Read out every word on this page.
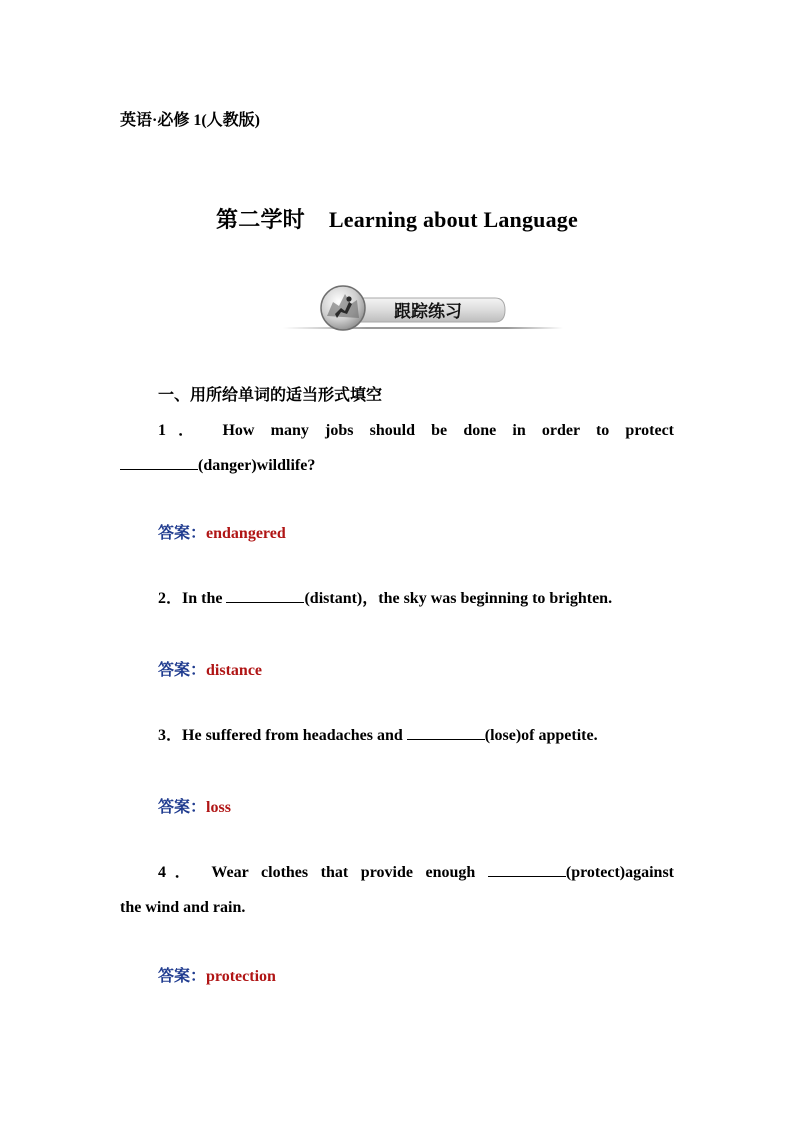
英语·必修 1(人教版)
第二学时 Learning about Language
跟踪练习
一、用所给单词的适当形式填空
1． How many jobs should be done in order to protect
(danger)wildlife?
答案：endangered
2．In the	(distant)，the sky was beginning to brighten.
答案：distance
3．He suffered from headaches and	(lose)of appetite.
答案：loss
4． Wear clothes that provide enough	(protect)against
the wind and rain.
答案：protection
